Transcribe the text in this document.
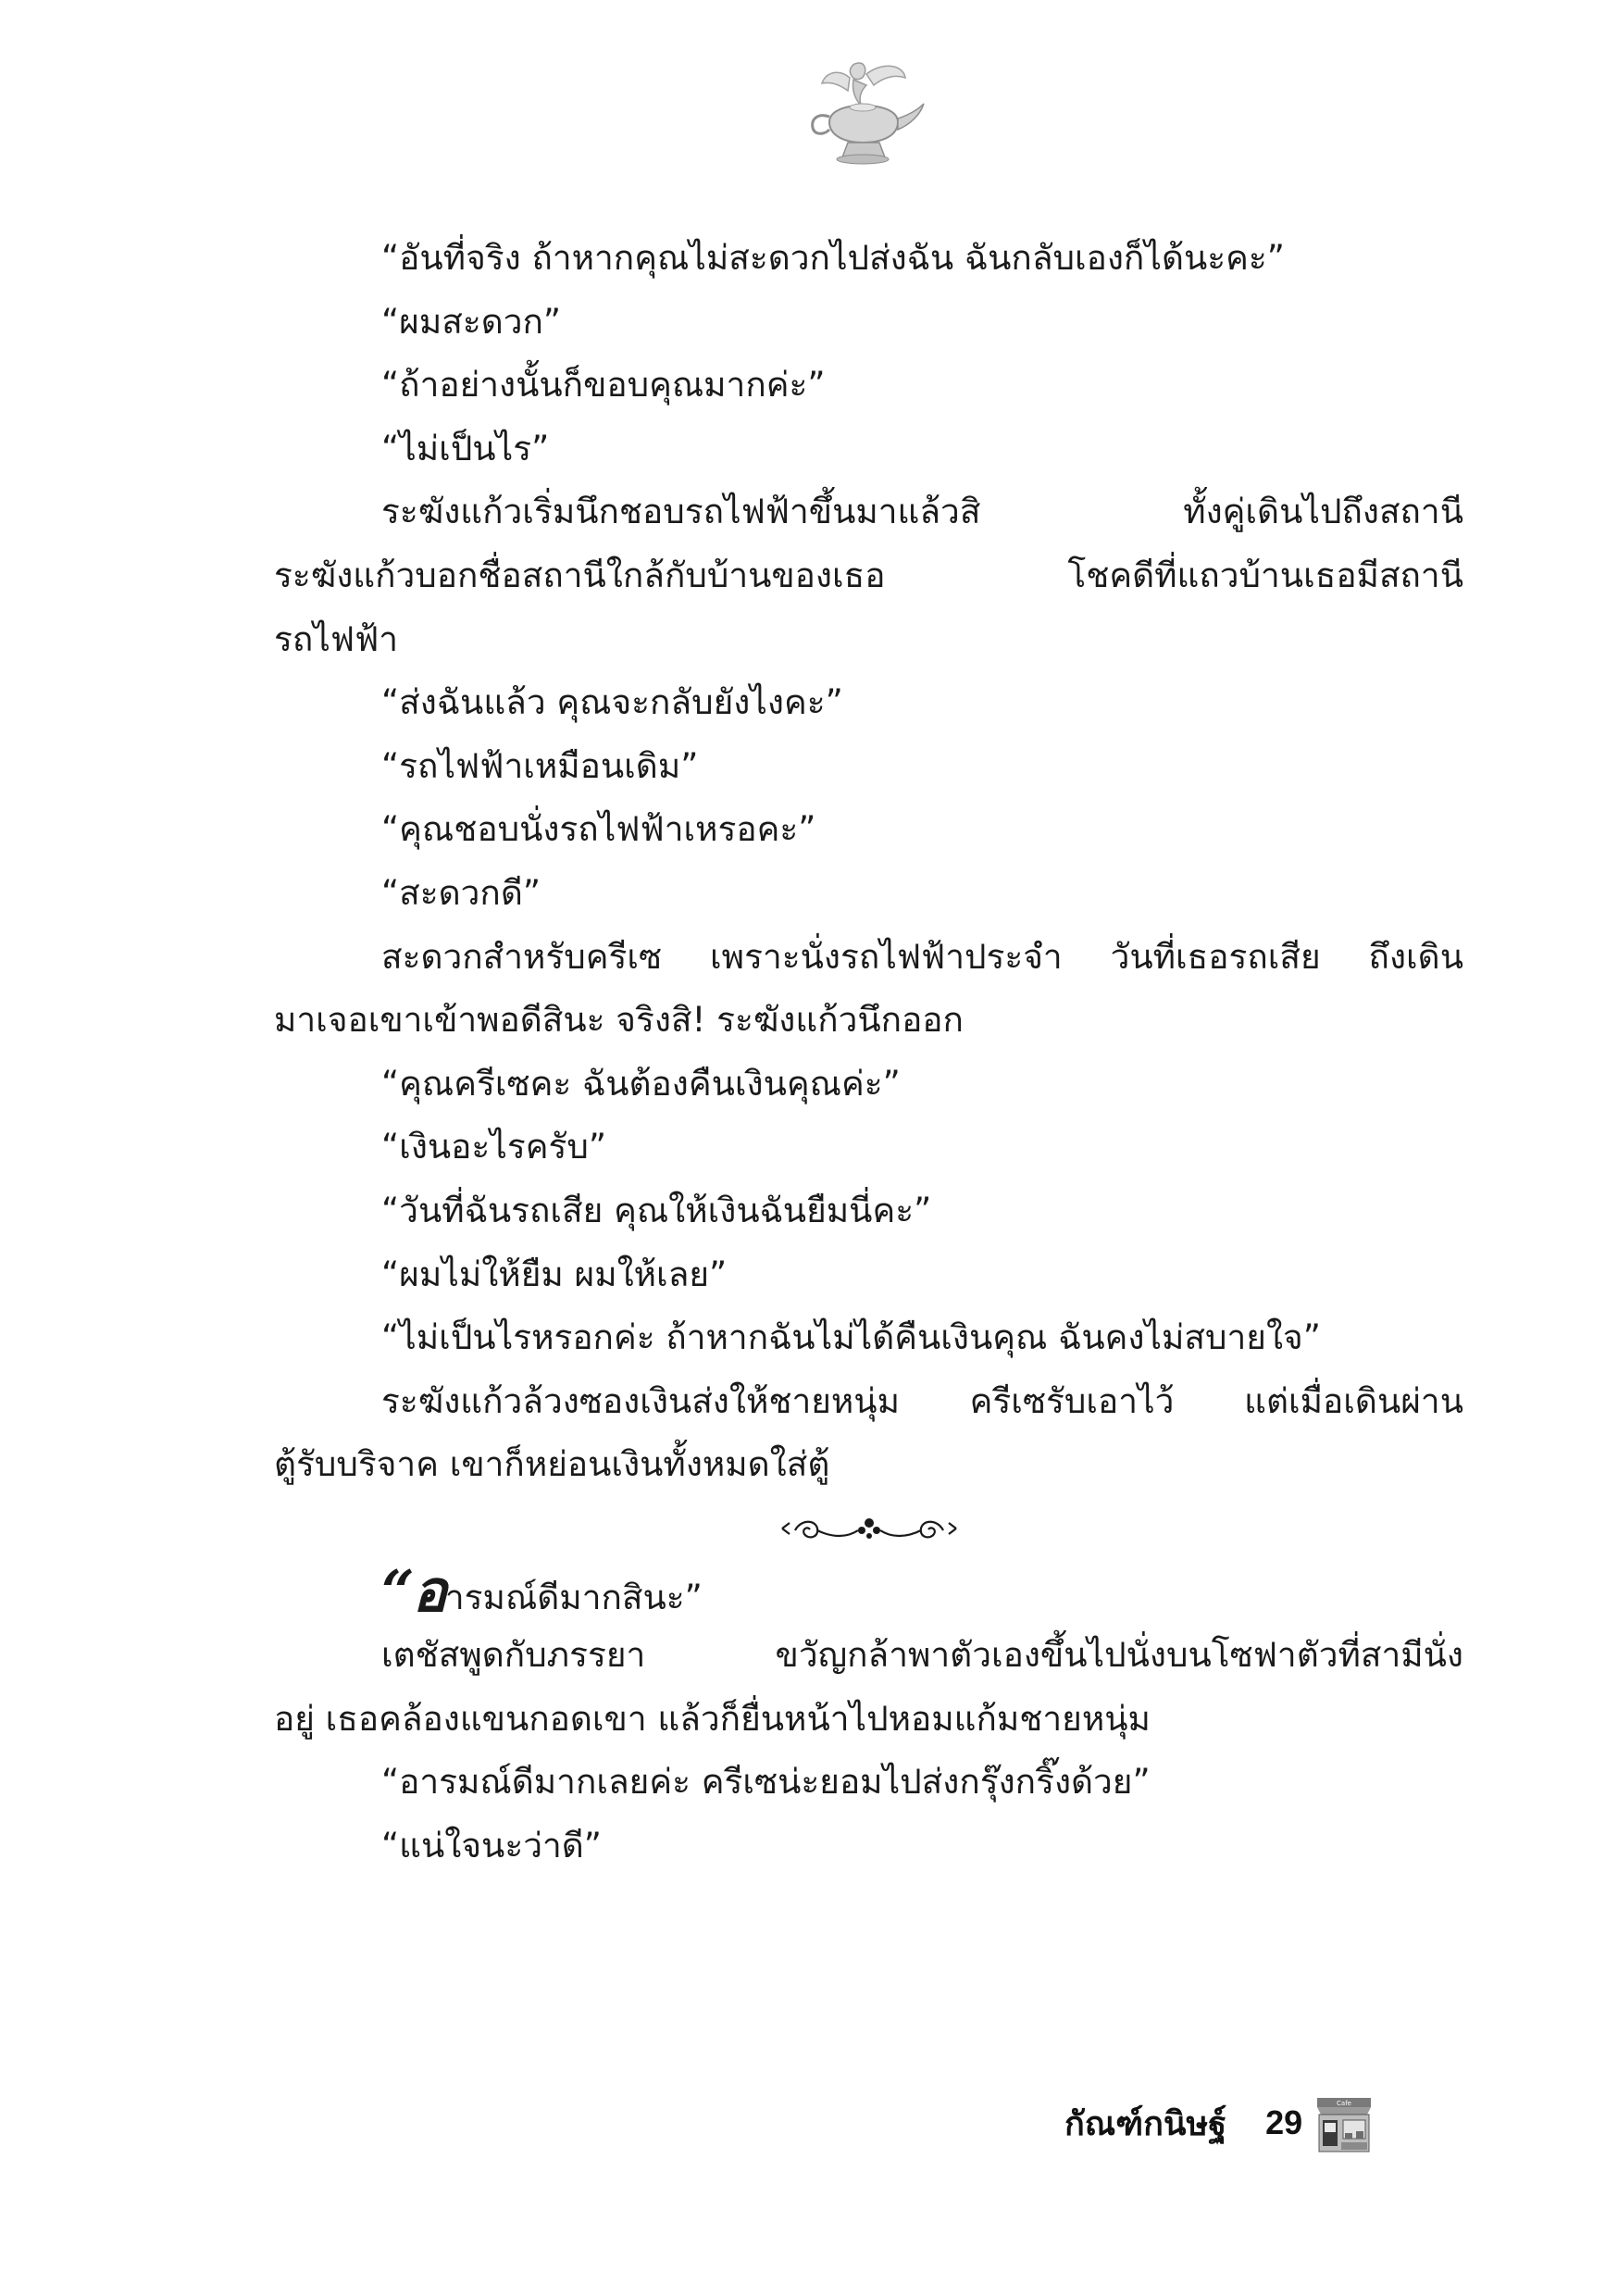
“อันที่จริง ถ้าหากคุณไม่สะดวกไปส่งฉัน ฉันกลับเองก็ได้นะคะ”
“ผมสะดวก”
“ถ้าอย่างนั้นก็ขอบคุณมากค่ะ”
“ไม่เป็นไร”
ระฆังแก้วเริ่มนึกชอบรถไฟฟ้าขึ้นมาแล้วสิ ทั้งคู่เดินไปถึงสถานี
ระฆังแก้วบอกชื่อสถานีใกล้กับบ้านของเธอ โชคดีที่แถวบ้านเธอมีสถานี
รถไฟฟ้า
“ส่งฉันแล้ว คุณจะกลับยังไงคะ”
“รถไฟฟ้าเหมือนเดิม”
“คุณชอบนั่งรถไฟฟ้าเหรอคะ”
“สะดวกดี”
สะดวกสำหรับครีเซ เพราะนั่งรถไฟฟ้าประจำ วันที่เธอรถเสีย ถึงเดิน
มาเจอเขาเข้าพอดีสินะ จริงสิ! ระฆังแก้วนึกออก
“คุณครีเซคะ ฉันต้องคืนเงินคุณค่ะ”
“เงินอะไรครับ”
“วันที่ฉันรถเสีย คุณให้เงินฉันยืมนี่คะ”
“ผมไม่ให้ยืม ผมให้เลย”
“ไม่เป็นไรหรอกค่ะ ถ้าหากฉันไม่ได้คืนเงินคุณ ฉันคงไม่สบายใจ”
ระฆังแก้วล้วงซองเงินส่งให้ชายหนุ่ม ครีเซรับเอาไว้ แต่เมื่อเดินผ่าน
ตู้รับบริจาค เขาก็หย่อนเงินทั้งหมดใส่ตู้
“อารมณ์ดีมากสินะ”
เตชัสพูดกับภรรยา ขวัญกล้าพาตัวเองขึ้นไปนั่งบนโซฟาตัวที่สามีนั่ง
อยู่ เธอคล้องแขนกอดเขา แล้วก็ยื่นหน้าไปหอมแก้มชายหนุ่ม
“อารมณ์ดีมากเลยค่ะ ครีเซน่ะยอมไปส่งกรุ๊งกริ๊งด้วย”
“แน่ใจนะว่าดี”
กัณฑ์กนิษฐ์ 29	Cafe
